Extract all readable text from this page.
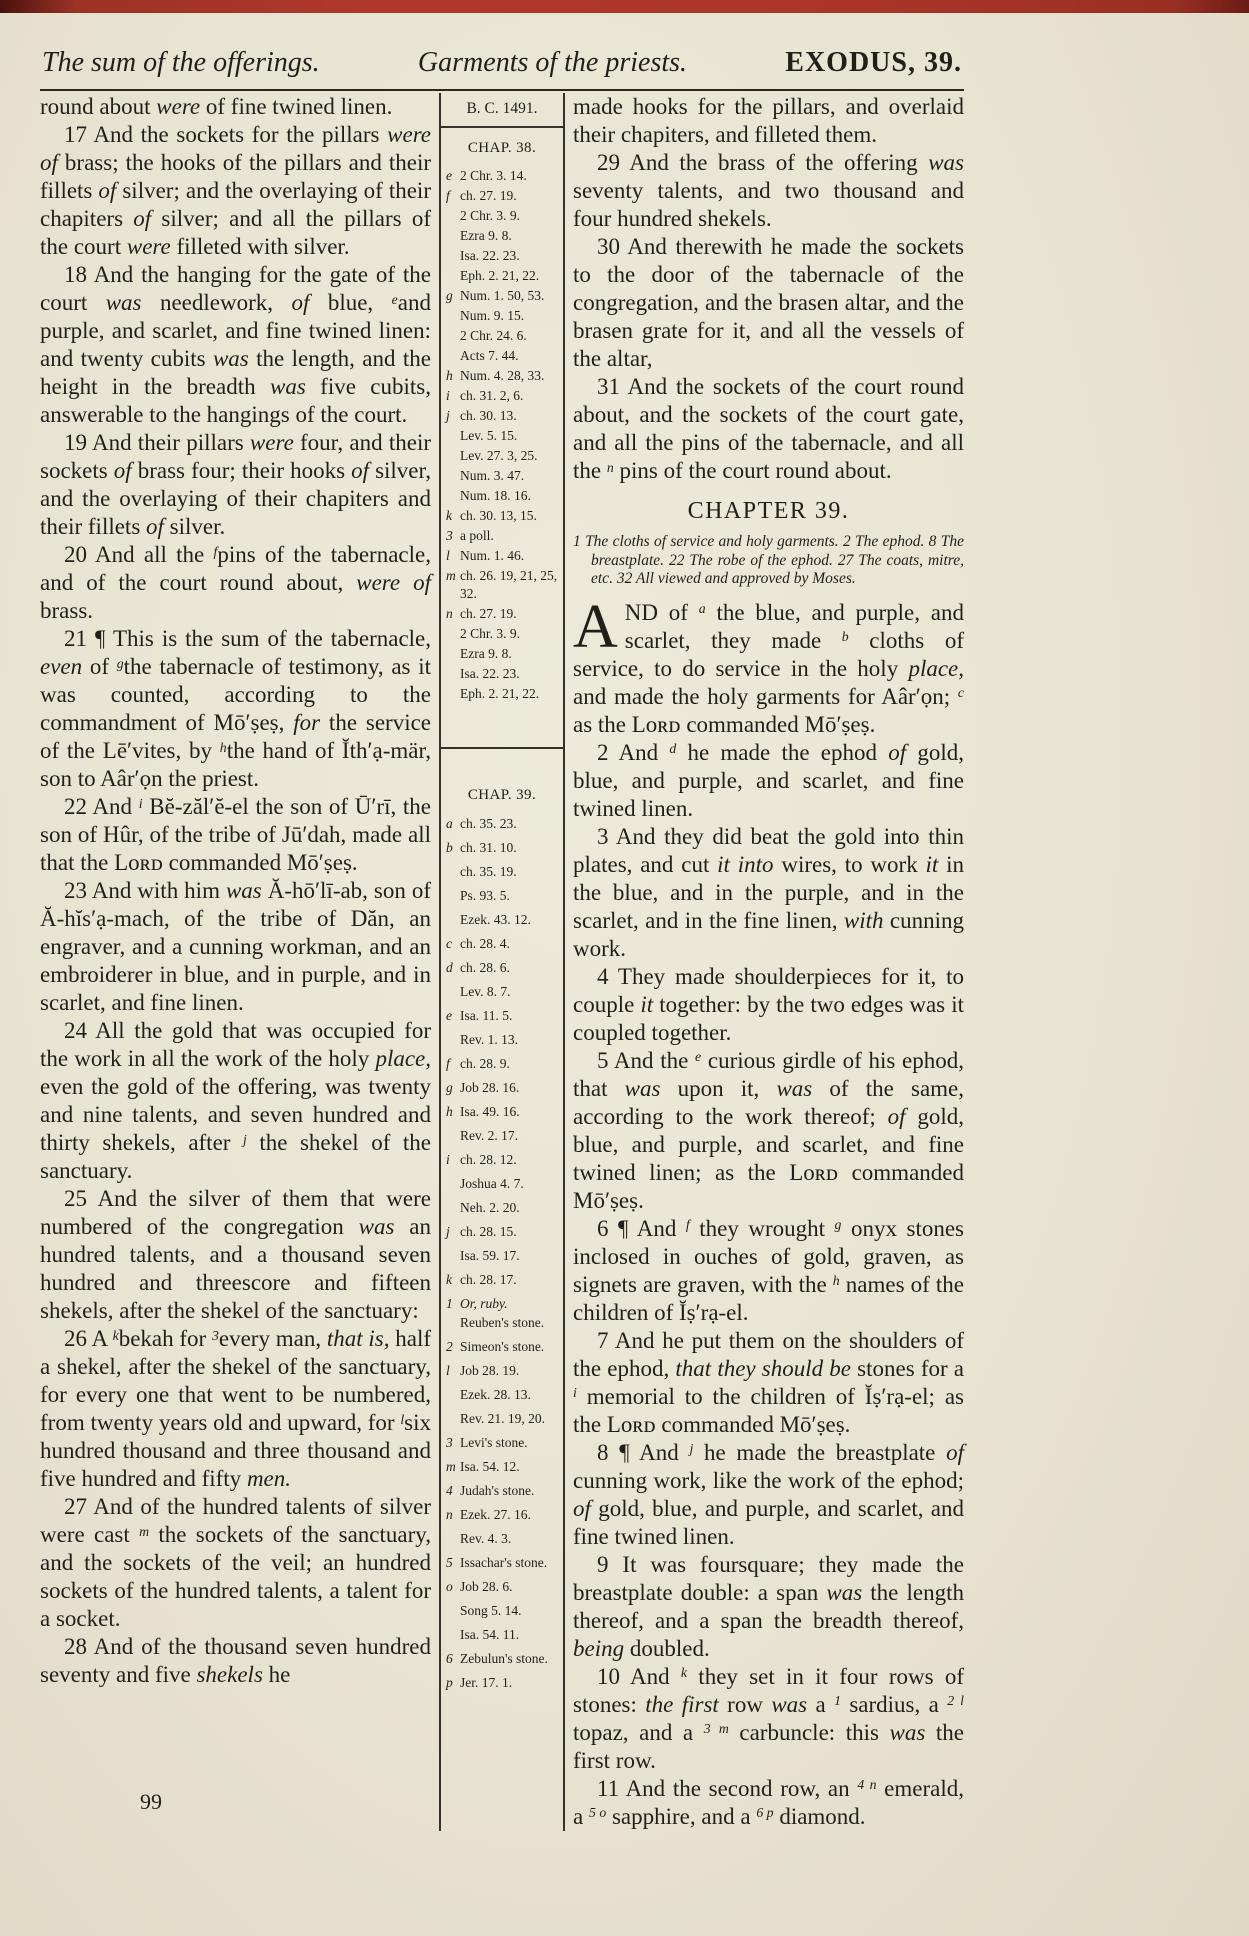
The sum of the offerings.	Garments of the priests.	EXODUS, 39.

round about were of fine twined linen.

17 And the sockets for the pillars were of brass; the hooks of the pillars and their fillets of silver; and the overlaying of their chapiters of silver; and all the pillars of the court were filleted with silver.

18 And the hanging for the gate of the court was needlework, of blue, $^e$and purple, and scarlet, and fine twined linen: and twenty cubits was the length, and the height in the breadth was five cubits, answerable to the hangings of the court.

19 And their pillars were four, and their sockets of brass four; their hooks of silver, and the overlaying of their chapiters and their fillets of silver.

20 And all the $^f$pins of the tabernacle, and of the court round about, were of brass.

21 ¶ This is the sum of the tabernacle, even of $^g$the tabernacle of testimony, as it was counted, according to the commandment of Mō′ṣeṣ, for the service of the Lē′vites, by $^h$the hand of Ĭth′ạ-mär, son to Aâr′ọn the priest.

22 And $^i$ Bĕ-zăl′ĕ-el the son of Ū′rī, the son of Hûr, of the tribe of Jū′dah, made all that the Lᴏʀᴅ commanded Mō′ṣeṣ.

23 And with him was Ă-hō′lī-ab, son of Ă-hĭs′ạ-mach, of the tribe of Dăn, an engraver, and a cunning workman, and an embroiderer in blue, and in purple, and in scarlet, and fine linen.

24 All the gold that was occupied for the work in all the work of the holy place, even the gold of the offering, was twenty and nine talents, and seven hundred and thirty shekels, after $^j$ the shekel of the sanctuary.

25 And the silver of them that were numbered of the congregation was an hundred talents, and a thousand seven hundred and threescore and fifteen shekels, after the shekel of the sanctuary:

26 A $^k$bekah for $^3$every man, that is, half a shekel, after the shekel of the sanctuary, for every one that went to be numbered, from twenty years old and upward, for $^l$six hundred thousand and three thousand and five hundred and fifty men.

27 And of the hundred talents of silver were cast $^m$ the sockets of the sanctuary, and the sockets of the veil; an hundred sockets of the hundred talents, a talent for a socket.

28 And of the thousand seven hundred seventy and five shekels he

B. C. 1491.
CHAP. 38.

e 2 Chr. 3. 14.

f ch. 27. 19.

2 Chr. 3. 9.

Ezra 9. 8.

Isa. 22. 23.

Eph. 2. 21, 22.

g Num. 1. 50, 53.

Num. 9. 15.

2 Chr. 24. 6.

Acts 7. 44.

h Num. 4. 28, 33.

i ch. 31. 2, 6.

j ch. 30. 13.

Lev. 5. 15.

Lev. 27. 3, 25.

Num. 3. 47.

Num. 18. 16.

k ch. 30. 13, 15.

3 a poll.

l Num. 1. 46.

m ch. 26. 19, 21, 25, 32.

n ch. 27. 19.

2 Chr. 3. 9.

Ezra 9. 8.

Isa. 22. 23.

Eph. 2. 21, 22.

CHAP. 39.

a ch. 35. 23.

b ch. 31. 10.

ch. 35. 19.

Ps. 93. 5.

Ezek. 43. 12.

c ch. 28. 4.

d ch. 28. 6.

Lev. 8. 7.

e Isa. 11. 5.

Rev. 1. 13.

f ch. 28. 9.

g Job 28. 16.

h Isa. 49. 16.

Rev. 2. 17.

i ch. 28. 12.

Joshua 4. 7.

Neh. 2. 20.

j ch. 28. 15.

Isa. 59. 17.

k ch. 28. 17.

1 Or, ruby. Reuben's stone.

2 Simeon's stone.

l Job 28. 19.

Ezek. 28. 13.

Rev. 21. 19, 20.

3 Levi's stone.

m Isa. 54. 12.

4 Judah's stone.

n Ezek. 27. 16.

Rev. 4. 3.

5 Issachar's stone.

o Job 28. 6.

Song 5. 14.

Isa. 54. 11.

6 Zebulun's stone.

p Jer. 17. 1.

made hooks for the pillars, and overlaid their chapiters, and filleted them.

29 And the brass of the offering was seventy talents, and two thousand and four hundred shekels.

30 And therewith he made the sockets to the door of the tabernacle of the congregation, and the brasen altar, and the brasen grate for it, and all the vessels of the altar,

31 And the sockets of the court round about, and the sockets of the court gate, and all the pins of the tabernacle, and all the $^n$ pins of the court round about.

CHAPTER 39.
1 The cloths of service and holy garments. 2 The ephod. 8 The breastplate. 22 The robe of the ephod. 27 The coats, mitre, etc. 32 All viewed and approved by Moses.

AND of $^a$ the blue, and purple, and scarlet, they made $^b$ cloths of service, to do service in the holy place, and made the holy garments for Aâr′ọn; $^c$ as the Lᴏʀᴅ commanded Mō′ṣeṣ.

2 And $^d$ he made the ephod of gold, blue, and purple, and scarlet, and fine twined linen.

3 And they did beat the gold into thin plates, and cut it into wires, to work it in the blue, and in the purple, and in the scarlet, and in the fine linen, with cunning work.

4 They made shoulderpieces for it, to couple it together: by the two edges was it coupled together.

5 And the $^e$ curious girdle of his ephod, that was upon it, was of the same, according to the work thereof; of gold, blue, and purple, and scarlet, and fine twined linen; as the Lᴏʀᴅ commanded Mō′ṣeṣ.

6 ¶ And $^f$ they wrought $^g$ onyx stones inclosed in ouches of gold, graven, as signets are graven, with the $^h$ names of the children of Ĭṣ′rạ-el.

7 And he put them on the shoulders of the ephod, that they should be stones for a $^i$ memorial to the children of Ĭṣ′rạ-el; as the Lᴏʀᴅ commanded Mō′ṣeṣ.

8 ¶ And $^j$ he made the breastplate of cunning work, like the work of the ephod; of gold, blue, and purple, and scarlet, and fine twined linen.

9 It was foursquare; they made the breastplate double: a span was the length thereof, and a span the breadth thereof, being doubled.

10 And $^k$ they set in it four rows of stones: the first row was a $^1$ sardius, a $^{2 l}$ topaz, and a $^{3 m}$ carbuncle: this was the first row.

11 And the second row, an $^{4 n}$ emerald, a $^{5 o}$ sapphire, and a $^{6 p}$ diamond.

99
